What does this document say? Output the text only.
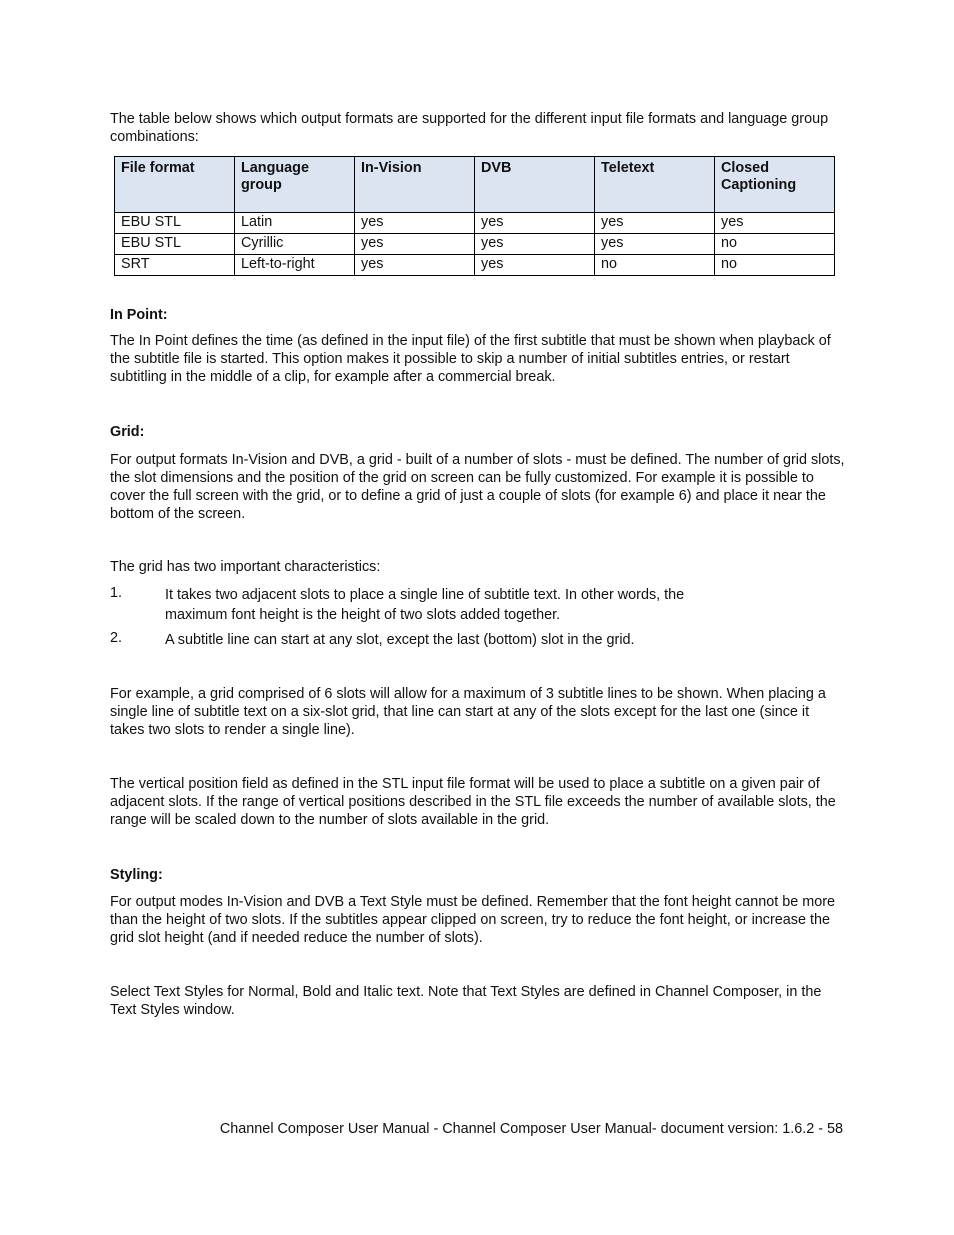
The table below shows which output formats are supported for the different input file formats and language group combinations:

File format	Language group	In-Vision	DVB	Teletext	Closed Captioning
EBU STL	Latin	yes	yes	yes	yes
EBU STL	Cyrillic	yes	yes	yes	no
SRT	Left-to-right	yes	yes	no	no

In Point:

The In Point defines the time (as defined in the input file) of the first subtitle that must be shown when playback of the subtitle file is started. This option makes it possible to skip a number of initial subtitles entries, or restart subtitling in the middle of a clip, for example after a commercial break.

Grid:

For output formats In-Vision and DVB, a grid - built of a number of slots - must be defined. The number of grid slots, the slot dimensions and the position of the grid on screen can be fully customized. For example it is possible to cover the full screen with the grid, or to define a grid of just a couple of slots (for example 6) and place it near the bottom of the screen.

The grid has two important characteristics:

1.	It takes two adjacent slots to place a single line of subtitle text. In other words, the maximum font height is the height of two slots added together.
2.	A subtitle line can start at any slot, except the last (bottom) slot in the grid.

For example, a grid comprised of 6 slots will allow for a maximum of 3 subtitle lines to be shown. When placing a single line of subtitle text on a six-slot grid, that line can start at any of the slots except for the last one (since it takes two slots to render a single line).

The vertical position field as defined in the STL input file format will be used to place a subtitle on a given pair of adjacent slots. If the range of vertical positions described in the STL file exceeds the number of available slots, the range will be scaled down to the number of slots available in the grid.

Styling:

For output modes In-Vision and DVB a Text Style must be defined. Remember that the font height cannot be more than the height of two slots. If the subtitles appear clipped on screen, try to reduce the font height, or increase the grid slot height (and if needed reduce the number of slots).

Select Text Styles for Normal, Bold and Italic text. Note that Text Styles are defined in Channel Composer, in the Text Styles window.

Channel Composer User Manual - Channel Composer User Manual- document version: 1.6.2 - 58
